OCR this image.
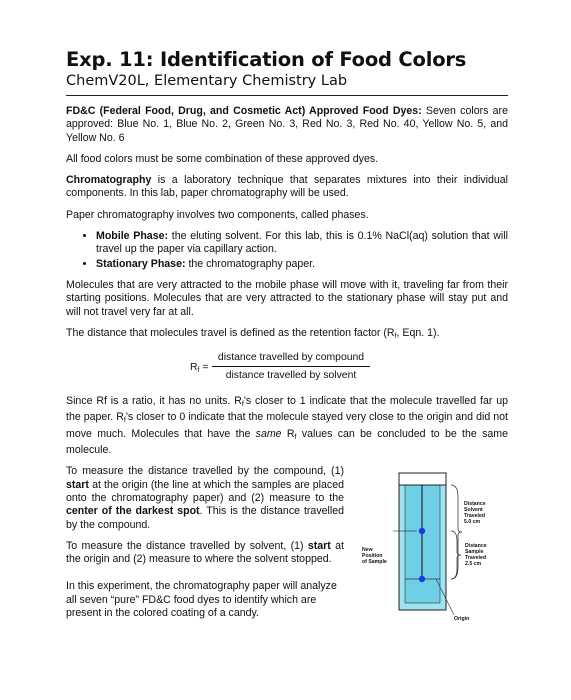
Exp. 11: Identification of Food Colors
ChemV20L, Elementary Chemistry Lab

FD&C (Federal Food, Drug, and Cosmetic Act) Approved Food Dyes: Seven colors are approved: Blue No. 1, Blue No. 2, Green No. 3, Red No. 3, Red No. 40, Yellow No. 5, and Yellow No. 6

All food colors must be some combination of these approved dyes.

Chromatography is a laboratory technique that separates mixtures into their individual components. In this lab, paper chromatography will be used.

Paper chromatography involves two components, called phases.

• Mobile Phase: the eluting solvent. For this lab, this is 0.1% NaCl(aq) solution that will travel up the paper via capillary action.
• Stationary Phase: the chromatography paper.

Molecules that are very attracted to the mobile phase will move with it, traveling far from their starting positions. Molecules that are very attracted to the stationary phase will stay put and will not travel very far at all.

The distance that molecules travel is defined as the retention factor ($R_f$, Eqn. 1).

$R_f$ =
distance travelled by compound
distance travelled by solvent

Since Rf is a ratio, it has no units. $R_f's$ closer to 1 indicate that the molecule travelled far up the paper. $R_f's$ closer to 0 indicate that the molecule stayed very close to the origin and did not move much. Molecules that have the same $R_f$ values can be concluded to be the same molecule.

To measure the distance travelled by the compound, (1) start at the origin (the line at which the samples are placed onto the chromatography paper) and (2) measure to the center of the darkest spot. This is the distance travelled by the compound.

To measure the distance travelled by solvent, (1) start at the origin and (2) measure to where the solvent stopped.

In this experiment, the chromatography paper will analyze all seven “pure” FD&C food dyes to identify which are present in the colored coating of a candy.

Distance
Solvent
Traveled
5.0 cm
Distance
Sample
Traveled
2.5 cm
New
Position
of Sample
Origin
